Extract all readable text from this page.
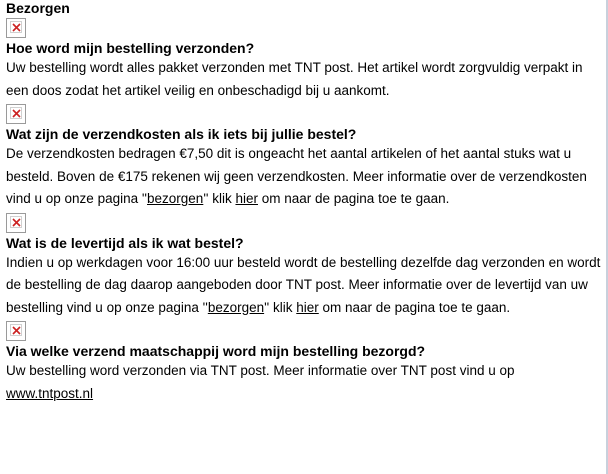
Bezorgen
Hoe word mijn bestelling verzonden?

Uw bestelling wordt alles pakket verzonden met TNT post. Het artikel wordt zorgvuldig verpakt in een doos zodat het artikel veilig en onbeschadigd bij u aankomt.

Wat zijn de verzendkosten als ik iets bij jullie bestel?

De verzendkosten bedragen €7,50 dit is ongeacht het aantal artikelen of het aantal stuks wat u besteld. Boven de €175 rekenen wij geen verzendkosten. Meer informatie over de verzendkosten vind u op onze pagina ''bezorgen'' klik hier om naar de pagina toe te gaan.

Wat is de levertijd als ik wat bestel?

Indien u op werkdagen voor 16:00 uur besteld wordt de bestelling dezelfde dag verzonden en wordt de bestelling de dag daarop aangeboden door TNT post. Meer informatie over de levertijd van uw bestelling vind u op onze pagina ''bezorgen'' klik hier om naar de pagina toe te gaan.

Via welke verzend maatschappij word mijn bestelling bezorgd?

Uw bestelling word verzonden via TNT post. Meer informatie over TNT post vind u op
www.tntpost.nl
